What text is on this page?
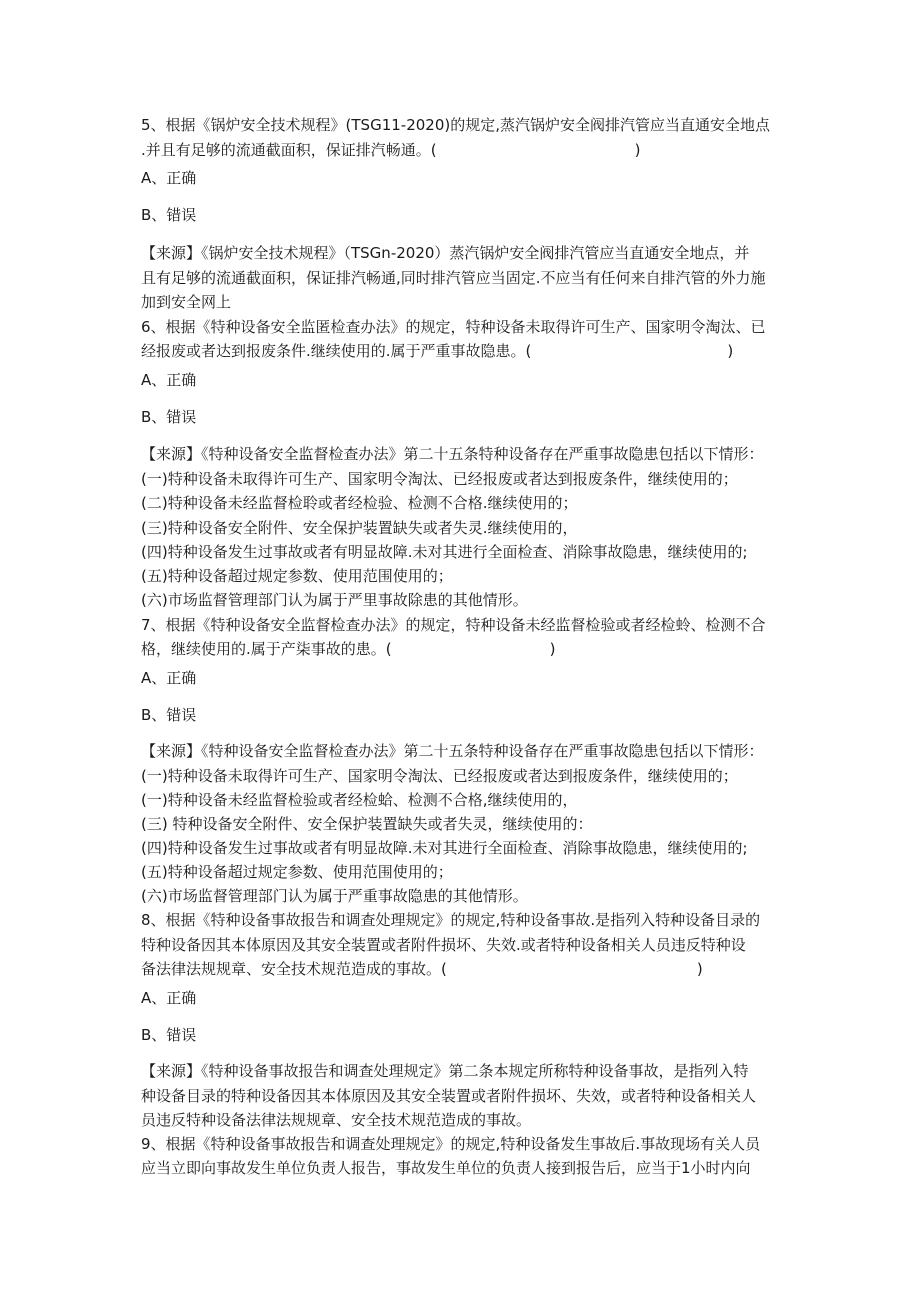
5、根据《锅炉安全技术规程》(TSG11-2020)的规定,蒸汽锅炉安全阀排汽管应当直通安全地点
.并且有足够的流通截面积，保证排汽畅通。(	)
A、正确
B、错误
【来源】《锅炉安全技术规程》（TSGn-2020）蒸汽锅炉安全阀排汽管应当直通安全地点，并
且有足够的流通截面积，保证排汽畅通,同时排汽管应当固定.不应当有任何来自排汽管的外力施
加到安全网上
6、根据《特种设备安全监匿检查办法》的规定，特种设备未取得许可生产、国家明令淘汰、已
经报废或者达到报废条件.继续使用的.属于严重事故隐患。(	)
A、正确
B、错误
【来源】《特种设备安全监督检查办法》第二十五条特种设备存在严重事故隐患包括以下情形：
(一)特种设备未取得许可生产、国家明令淘汰、已经报废或者达到报废条件，继续使用的；
(二)特种设备未经监督检聆或者经检验、检测不合格.继续使用的；
(三)特种设备安全附件、安全保护装置缺失或者失灵.继续使用的，
(四)特种设备发生过事故或者有明显故障.未对其进行全面检查、消除事故隐患，继续使用的;
(五)特种设备超过规定参数、使用范围使用的；
(六)市场监督管理部门认为属于严里事故除患的其他情形。
7、根据《特种设备安全监督检查办法》的规定，特种设备未经监督检验或者经检蛉、检测不合
格，继续使用的.属于产柒事故的患。(	)
A、正确
B、错误
【来源】《特种设备安全监督检查办法》第二十五条特种设备存在严重事故隐患包括以下情形：
(一)特种设备未取得许可生产、国家明令淘汰、已经报废或者达到报废条件，继续使用的；
(一)特种设备未经监督检验或者经检蛤、检测不合格,继续使用的，
(三) 特种设备安全附件、安全保护装置缺失或者失灵，继续使用的：
(四)特种设备发生过事故或者有明显故障.未对其进行全面检查、消除事故隐患，继续使用的;
(五)特种设备超过规定参数、使用范围使用的；
(六)市场监督管理部门认为属于严重事故隐患的其他情形。
8、根据《特种设备事故报告和调查处理规定》的规定,特种设备事故.是指列入特种设备目录的
特种设备因其本体原因及其安全装置或者附件损坏、失效.或者特种设备相关人员违反特种设
备法律法规规章、安全技术规范造成的事故。(	)
A、正确
B、错误
【来源】《特种设备事故报告和调查处理规定》第二条本规定所称特种设备事故，是指列入特
种设备目录的特种设备因其本体原因及其安全装置或者附件损坏、失效，或者特种设备相关人
员违反特种设备法律法规规章、安全技术规范造成的事故。
9、根据《特种设备事故报告和调查处理规定》的规定,特种设备发生事故后.事故现场有关人员
应当立即向事故发生单位负责人报告，事故发生单位的负责人接到报告后，应当于1小时内向
